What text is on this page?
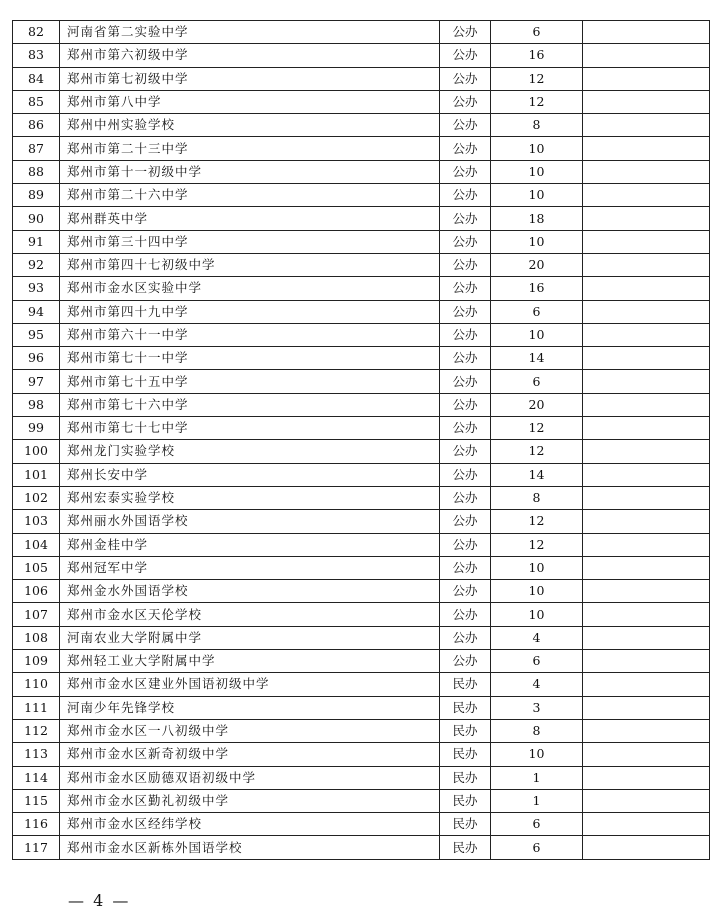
82	河南省第二实验中学	公办	6	
83	郑州市第六初级中学	公办	16	
84	郑州市第七初级中学	公办	12	
85	郑州市第八中学	公办	12	
86	郑州中州实验学校	公办	8	
87	郑州市第二十三中学	公办	10	
88	郑州市第十一初级中学	公办	10	
89	郑州市第二十六中学	公办	10	
90	郑州群英中学	公办	18	
91	郑州市第三十四中学	公办	10	
92	郑州市第四十七初级中学	公办	20	
93	郑州市金水区实验中学	公办	16	
94	郑州市第四十九中学	公办	6	
95	郑州市第六十一中学	公办	10	
96	郑州市第七十一中学	公办	14	
97	郑州市第七十五中学	公办	6	
98	郑州市第七十六中学	公办	20	
99	郑州市第七十七中学	公办	12	
100	郑州龙门实验学校	公办	12	
101	郑州长安中学	公办	14	
102	郑州宏泰实验学校	公办	8	
103	郑州丽水外国语学校	公办	12	
104	郑州金桂中学	公办	12	
105	郑州冠军中学	公办	10	
106	郑州金水外国语学校	公办	10	
107	郑州市金水区天伦学校	公办	10	
108	河南农业大学附属中学	公办	4	
109	郑州轻工业大学附属中学	公办	6	
110	郑州市金水区建业外国语初级中学	民办	4	
111	河南少年先锋学校	民办	3	
112	郑州市金水区一八初级中学	民办	8	
113	郑州市金水区新奇初级中学	民办	10	
114	郑州市金水区励德双语初级中学	民办	1	
115	郑州市金水区勤礼初级中学	民办	1	
116	郑州市金水区经纬学校	民办	6	
117	郑州市金水区新栋外国语学校	民办	6	
— 4 —
